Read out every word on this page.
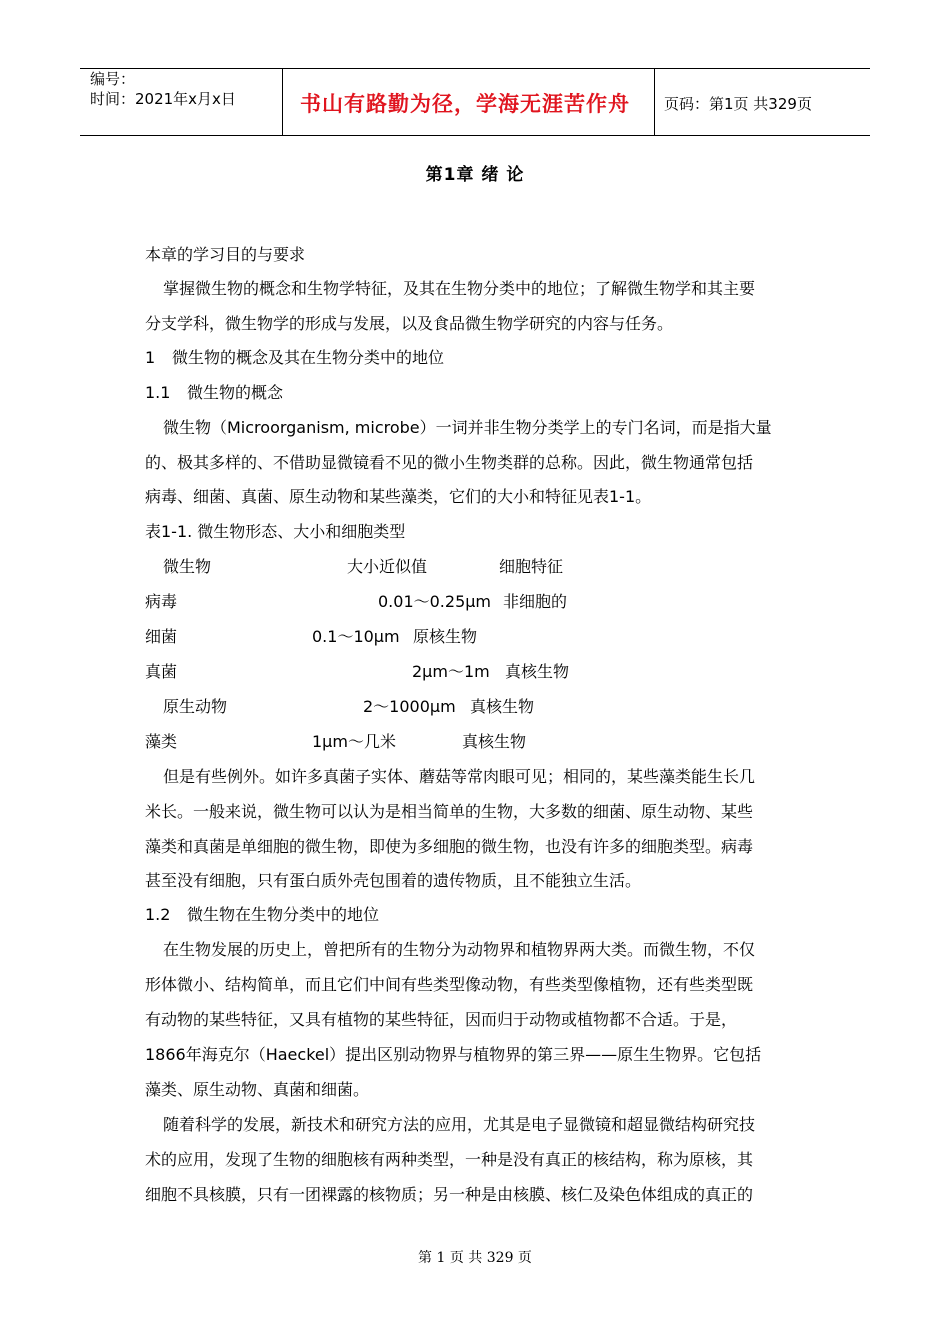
编号：
时间：2021年x月x日	书山有路勤为径，学海无涯苦作舟 页码：第1页 共329页
第1章 绪 论
本章的学习目的与要求
掌握微生物的概念和生物学特征，及其在生物分类中的地位；了解微生物学和其主要
分支学科，微生物学的形成与发展，以及食品微生物学研究的内容与任务。
1 微生物的概念及其在生物分类中的地位
1.1 微生物的概念
微生物（Microorganism, microbe）一词并非生物分类学上的专门名词，而是指大量
的、极其多样的、不借助显微镜看不见的微小生物类群的总称。因此，微生物通常包括
病毒、细菌、真菌、原生动物和某些藻类，它们的大小和特征见表1-1。
表1-1. 微生物形态、大小和细胞类型
微生物	大小近似值	细胞特征
病毒	0.01～0.25μm 非细胞的
细菌	0.1～10μm 原核生物
真菌	2μm～1m 真核生物
原生动物	2～1000μm 真核生物
藻类	1μm～几米	真核生物
但是有些例外。如许多真菌子实体、蘑菇等常肉眼可见；相同的，某些藻类能生长几
米长。一般来说，微生物可以认为是相当简单的生物，大多数的细菌、原生动物、某些
藻类和真菌是单细胞的微生物，即使为多细胞的微生物，也没有许多的细胞类型。病毒
甚至没有细胞，只有蛋白质外壳包围着的遗传物质，且不能独立生活。
1.2 微生物在生物分类中的地位
在生物发展的历史上，曾把所有的生物分为动物界和植物界两大类。而微生物，不仅
形体微小、结构简单，而且它们中间有些类型像动物，有些类型像植物，还有些类型既
有动物的某些特征，又具有植物的某些特征，因而归于动物或植物都不合适。于是，
1866年海克尔（Haeckel）提出区别动物界与植物界的第三界——原生生物界。它包括
藻类、原生动物、真菌和细菌。
随着科学的发展，新技术和研究方法的应用，尤其是电子显微镜和超显微结构研究技
术的应用，发现了生物的细胞核有两种类型，一种是没有真正的核结构，称为原核，其
细胞不具核膜，只有一团裸露的核物质；另一种是由核膜、核仁及染色体组成的真正的
第 1 页 共 329 页
